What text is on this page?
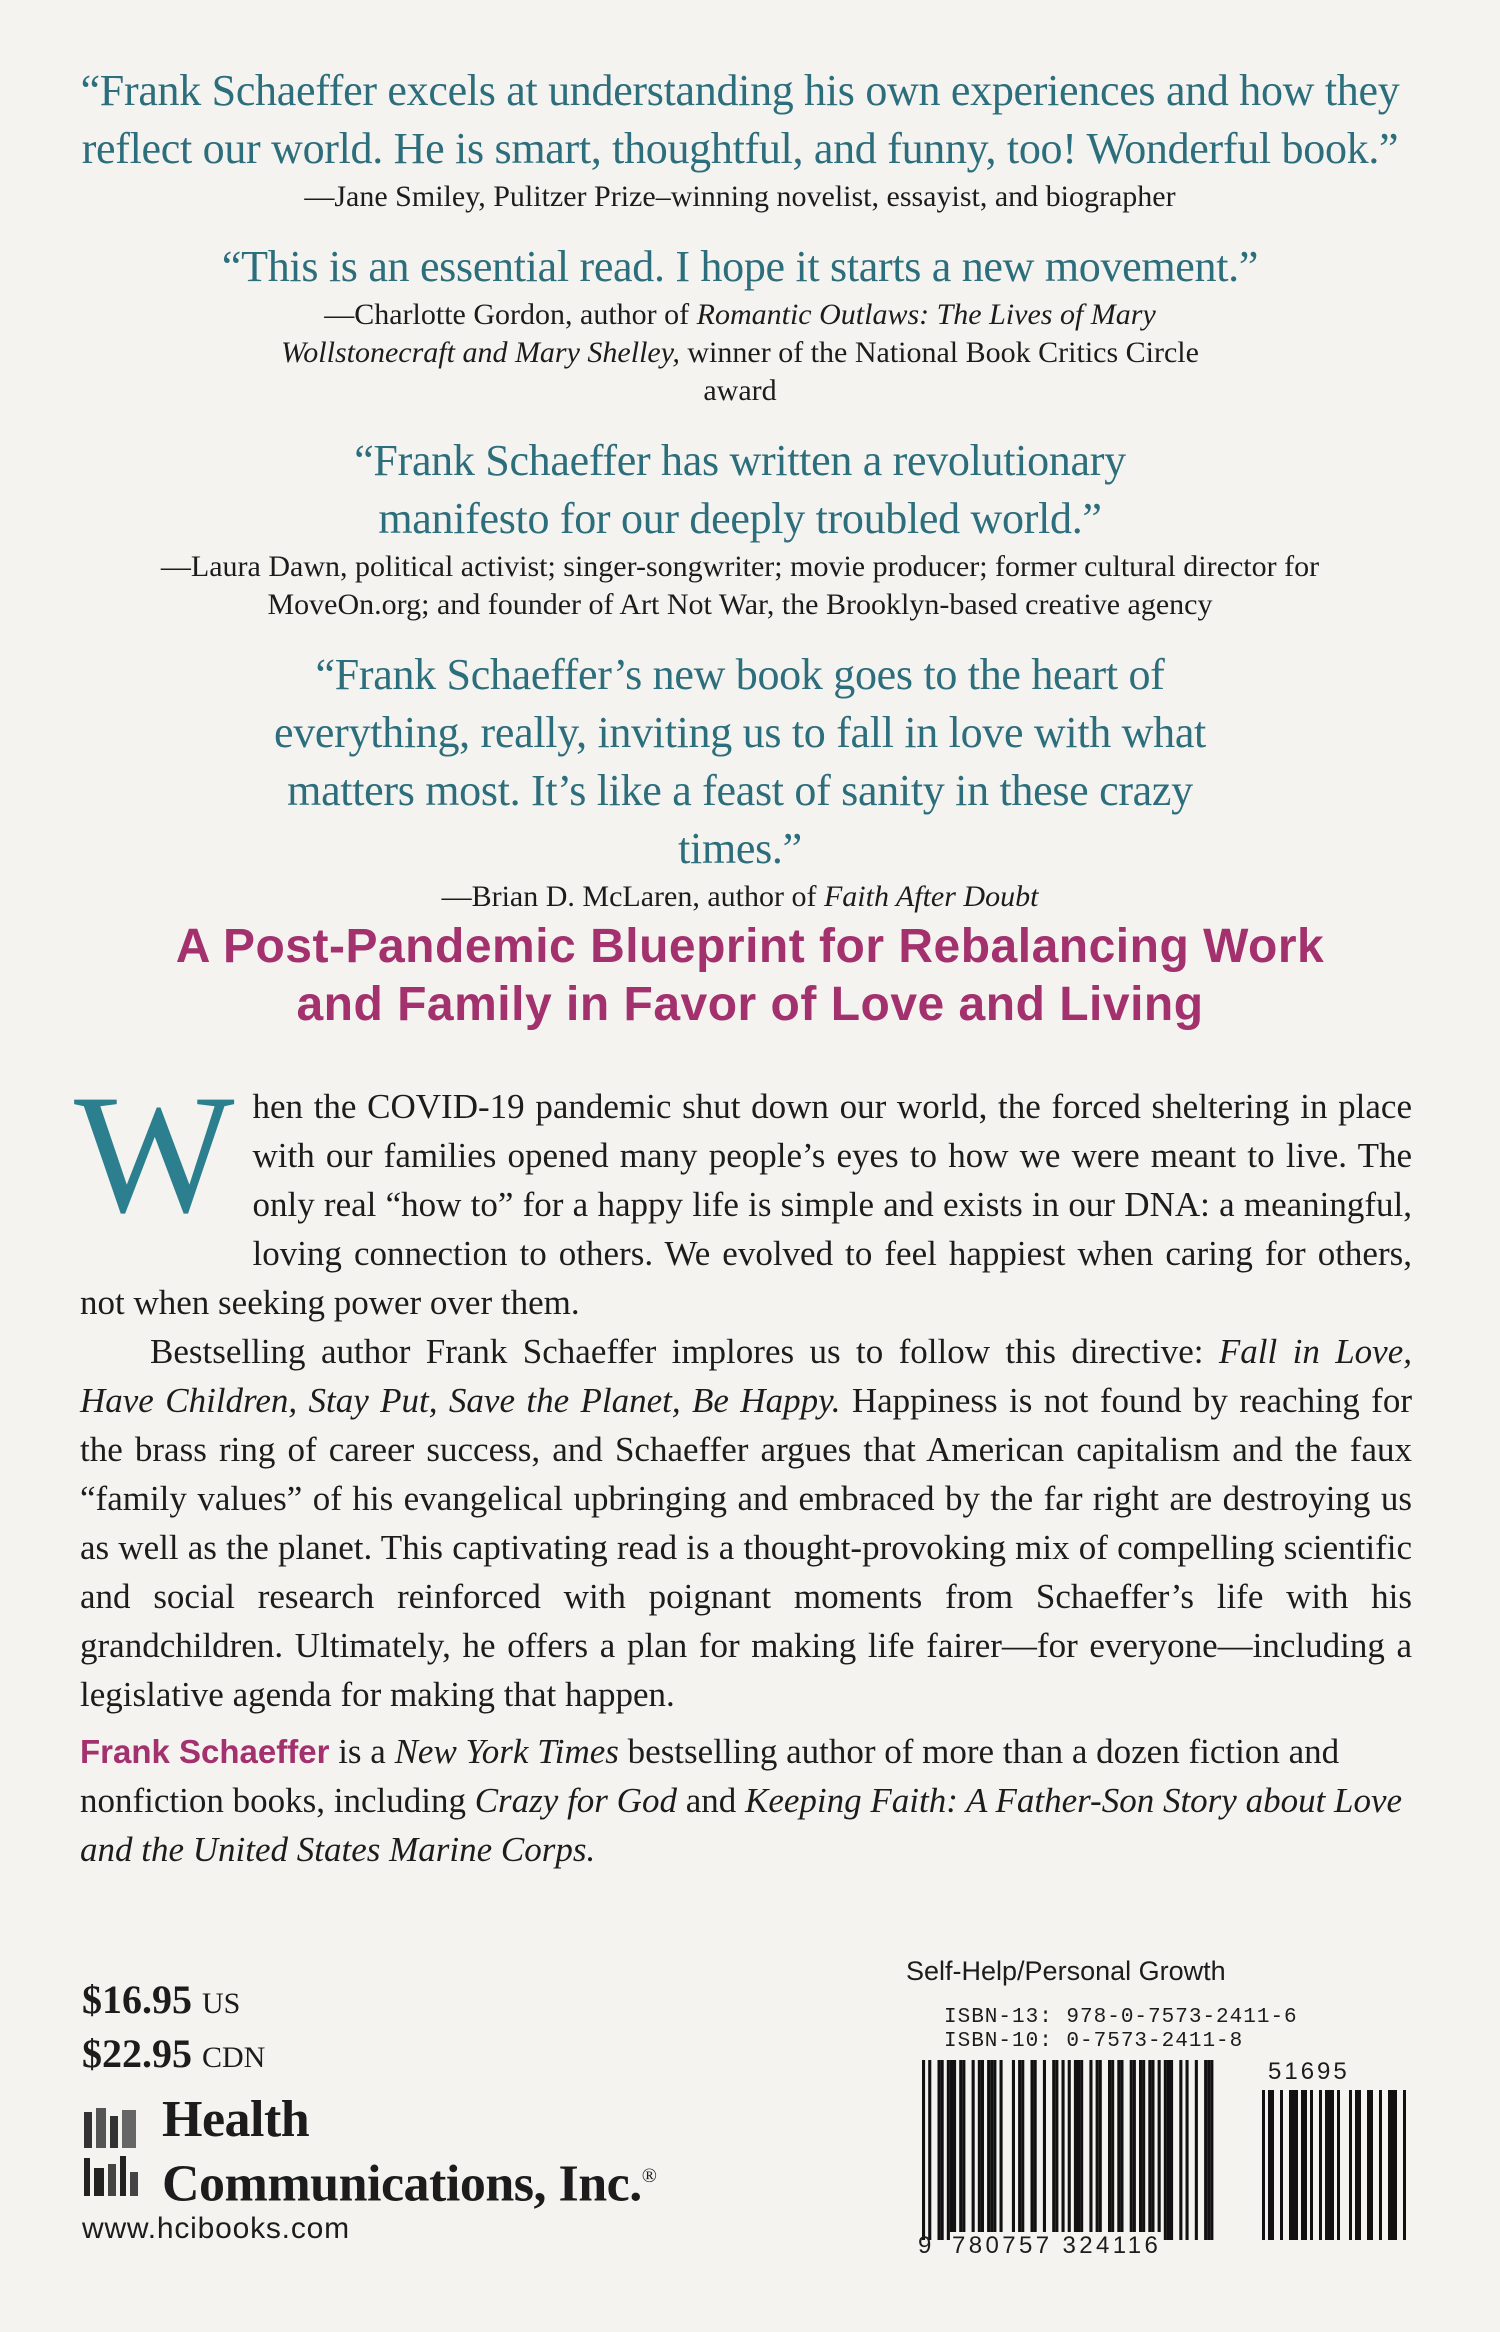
“Frank Schaeffer excels at understanding his own experiences and how they reflect our world. He is smart, thoughtful, and funny, too! Wonderful book.”
—Jane Smiley, Pulitzer Prize–winning novelist, essayist, and biographer
“This is an essential read. I hope it starts a new movement.”
—Charlotte Gordon, author of Romantic Outlaws: The Lives of Mary Wollstonecraft and Mary Shelley, winner of the National Book Critics Circle award
“Frank Schaeffer has written a revolutionary manifesto for our deeply troubled world.”
—Laura Dawn, political activist; singer-songwriter; movie producer; former cultural director for MoveOn.org; and founder of Art Not War, the Brooklyn-based creative agency
“Frank Schaeffer’s new book goes to the heart of everything, really, inviting us to fall in love with what matters most. It’s like a feast of sanity in these crazy times.”
—Brian D. McLaren, author of Faith After Doubt
A Post-Pandemic Blueprint for Rebalancing Work and Family in Favor of Love and Living

When the COVID-19 pandemic shut down our world, the forced sheltering in place with our families opened many people’s eyes to how we were meant to live. The only real “how to” for a happy life is simple and exists in our DNA: a meaningful, loving connection to others. We evolved to feel happiest when caring for others, not when seeking power over them.

Bestselling author Frank Schaeffer implores us to follow this directive: Fall in Love, Have Children, Stay Put, Save the Planet, Be Happy. Happiness is not found by reaching for the brass ring of career success, and Schaeffer argues that American capitalism and the faux “family values” of his evangelical upbringing and embraced by the far right are destroying us as well as the planet. This captivating read is a thought-provoking mix of compelling scientific and social research reinforced with poignant moments from Schaeffer’s life with his grandchildren. Ultimately, he offers a plan for making life fairer—for everyone—including a legislative agenda for making that happen.

Frank Schaeffer is a New York Times bestselling author of more than a dozen fiction and nonfiction books, including Crazy for God and Keeping Faith: A Father-Son Story about Love and the United States Marine Corps.

$16.95 US
$22.95 CDN
Health
Communications, Inc.®
www.hcibooks.com
Self-Help/Personal Growth
ISBN-13: 978-0-7573-2411-6
ISBN-10: 0-7573-2411-8
9 780757 324116
51695
